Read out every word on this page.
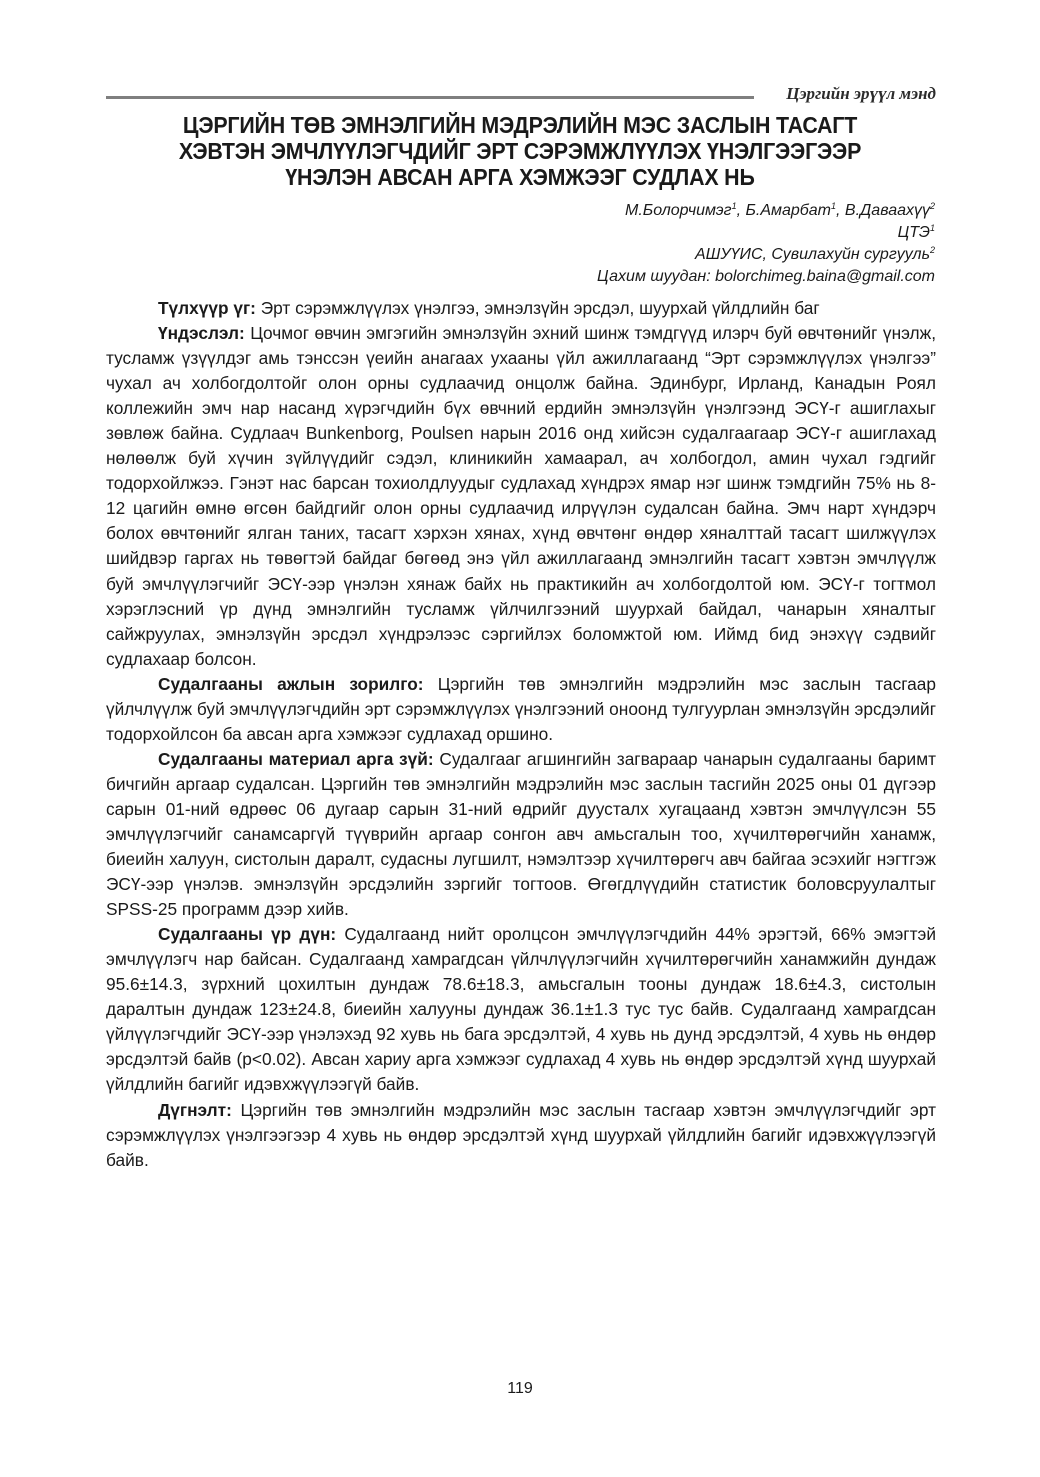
Цэргийн эрүүл мэнд
ЦЭРГИЙН ТӨВ ЭМНЭЛГИЙН МЭДРЭЛИЙН МЭС ЗАСЛЫН ТАСАГТ
ХЭВТЭН ЭМЧЛҮҮЛЭГЧДИЙГ ЭРТ СЭРЭМЖЛҮҮЛЭХ ҮНЭЛГЭЭГЭЭР
ҮНЭЛЭН АВСАН АРГА ХЭМЖЭЭГ СУДЛАХ НЬ
М.Болорчимэг$^1$, Б.Амарбат$^1$, В.Даваахүү$^2$
ЦТЭ$^1$
АШУҮИС, Сувилахуйн сургууль$^2$
Цахим шуудан: bolorchimeg.baina@gmail.com

Түлхүүр үг: Эрт сэрэмжлүүлэх үнэлгээ, эмнэлзүйн эрсдэл, шуурхай үйлдлийн баг

Үндэслэл: Цочмог өвчин эмгэгийн эмнэлзүйн эхний шинж тэмдгүүд илэрч буй өвчтөнийг үнэлж, тусламж үзүүлдэг амь тэнссэн үеийн анагаах ухааны үйл ажиллагаанд “Эрт сэрэмжлүүлэх үнэлгээ” чухал ач холбогдолтойг олон орны судлаачид онцолж байна. Эдинбург, Ирланд, Канадын Роял коллежийн эмч нар насанд хүрэгчдийн бүх өвчний ердийн эмнэлзүйн үнэлгээнд ЭСҮ-г ашиглахыг зөвлөж байна. Судлаач Bunkenborg, Poulsen нарын 2016 онд хийсэн судалгаагаар ЭСҮ-г ашиглахад нөлөөлж буй хүчин зүйлүүдийг сэдэл, клиникийн хамаарал, ач холбогдол, амин чухал гэдгийг тодорхойлжээ. Гэнэт нас барсан тохиолдлуудыг судлахад хүндрэх ямар нэг шинж тэмдгийн 75% нь 8-12 цагийн өмнө өгсөн байдгийг олон орны судлаачид илрүүлэн судалсан байна. Эмч нарт хүндэрч болох өвчтөнийг ялган таних, тасагт хэрхэн хянах, хүнд өвчтөнг өндөр хяналттай тасагт шилжүүлэх шийдвэр гаргах нь төвөгтэй байдаг бөгөөд энэ үйл ажиллагаанд эмнэлгийн тасагт хэвтэн эмчлүүлж буй эмчлүүлэгчийг ЭСҮ-ээр үнэлэн хянаж байх нь практикийн ач холбогдолтой юм. ЭСҮ-г тогтмол хэрэглэсний үр дүнд эмнэлгийн тусламж үйлчилгээний шуурхай байдал, чанарын хяналтыг сайжруулах, эмнэлзүйн эрсдэл хүндрэлээс сэргийлэх боломжтой юм. Иймд бид энэхүү сэдвийг судлахаар болсон.

Судалгааны ажлын зорилго: Цэргийн төв эмнэлгийн мэдрэлийн мэс заслын тасгаар үйлчлүүлж буй эмчлүүлэгчдийн эрт сэрэмжлүүлэх үнэлгээний оноонд тулгуурлан эмнэлзүйн эрсдэлийг тодорхойлсон ба авсан арга хэмжээг судлахад оршино.

Судалгааны материал арга зүй: Судалгааг агшингийн загвараар чанарын судалгааны баримт бичгийн аргаар судалсан. Цэргийн төв эмнэлгийн мэдрэлийн мэс заслын тасгийн 2025 оны 01 дүгээр сарын 01-ний өдрөөс 06 дугаар сарын 31-ний өдрийг дуусталх хугацаанд хэвтэн эмчлүүлсэн 55 эмчлүүлэгчийг санамсаргүй түүврийн аргаар сонгон авч амьсгалын тоо, хүчилтөрөгчийн ханамж, биеийн халуун, систолын даралт, судасны лугшилт, нэмэлтээр хүчилтөрөгч авч байгаа эсэхийг нэгтгэж ЭСҮ-ээр үнэлэв. эмнэлзүйн эрсдэлийн зэргийг тогтоов. Өгөгдлүүдийн статистик боловсруулалтыг SPSS-25 программ дээр хийв.

Судалгааны үр дүн: Судалгаанд нийт оролцсон эмчлүүлэгчдийн 44% эрэгтэй, 66% эмэгтэй эмчлүүлэгч нар байсан. Судалгаанд хамрагдсан үйлчлүүлэгчийн хүчилтөрөгчийн ханамжийн дундаж 95.6±14.3, зүрхний цохилтын дундаж 78.6±18.3, амьсгалын тооны дундаж 18.6±4.3, систолын даралтын дундаж 123±24.8, биеийн халууны дундаж 36.1±1.3 тус тус байв. Судалгаанд хамрагдсан үйлүүлэгчдийг ЭСҮ-ээр үнэлэхэд 92 хувь нь бага эрсдэлтэй, 4 хувь нь дунд эрсдэлтэй, 4 хувь нь өндөр эрсдэлтэй байв (p<0.02). Авсан хариу арга хэмжээг судлахад 4 хувь нь өндөр эрсдэлтэй хүнд шуурхай үйлдлийн багийг идэвхжүүлээгүй байв.

Дүгнэлт: Цэргийн төв эмнэлгийн мэдрэлийн мэс заслын тасгаар хэвтэн эмчлүүлэгчдийг эрт сэрэмжлүүлэх үнэлгээгээр 4 хувь нь өндөр эрсдэлтэй хүнд шуурхай үйлдлийн багийг идэвхжүүлээгүй байв.

119
